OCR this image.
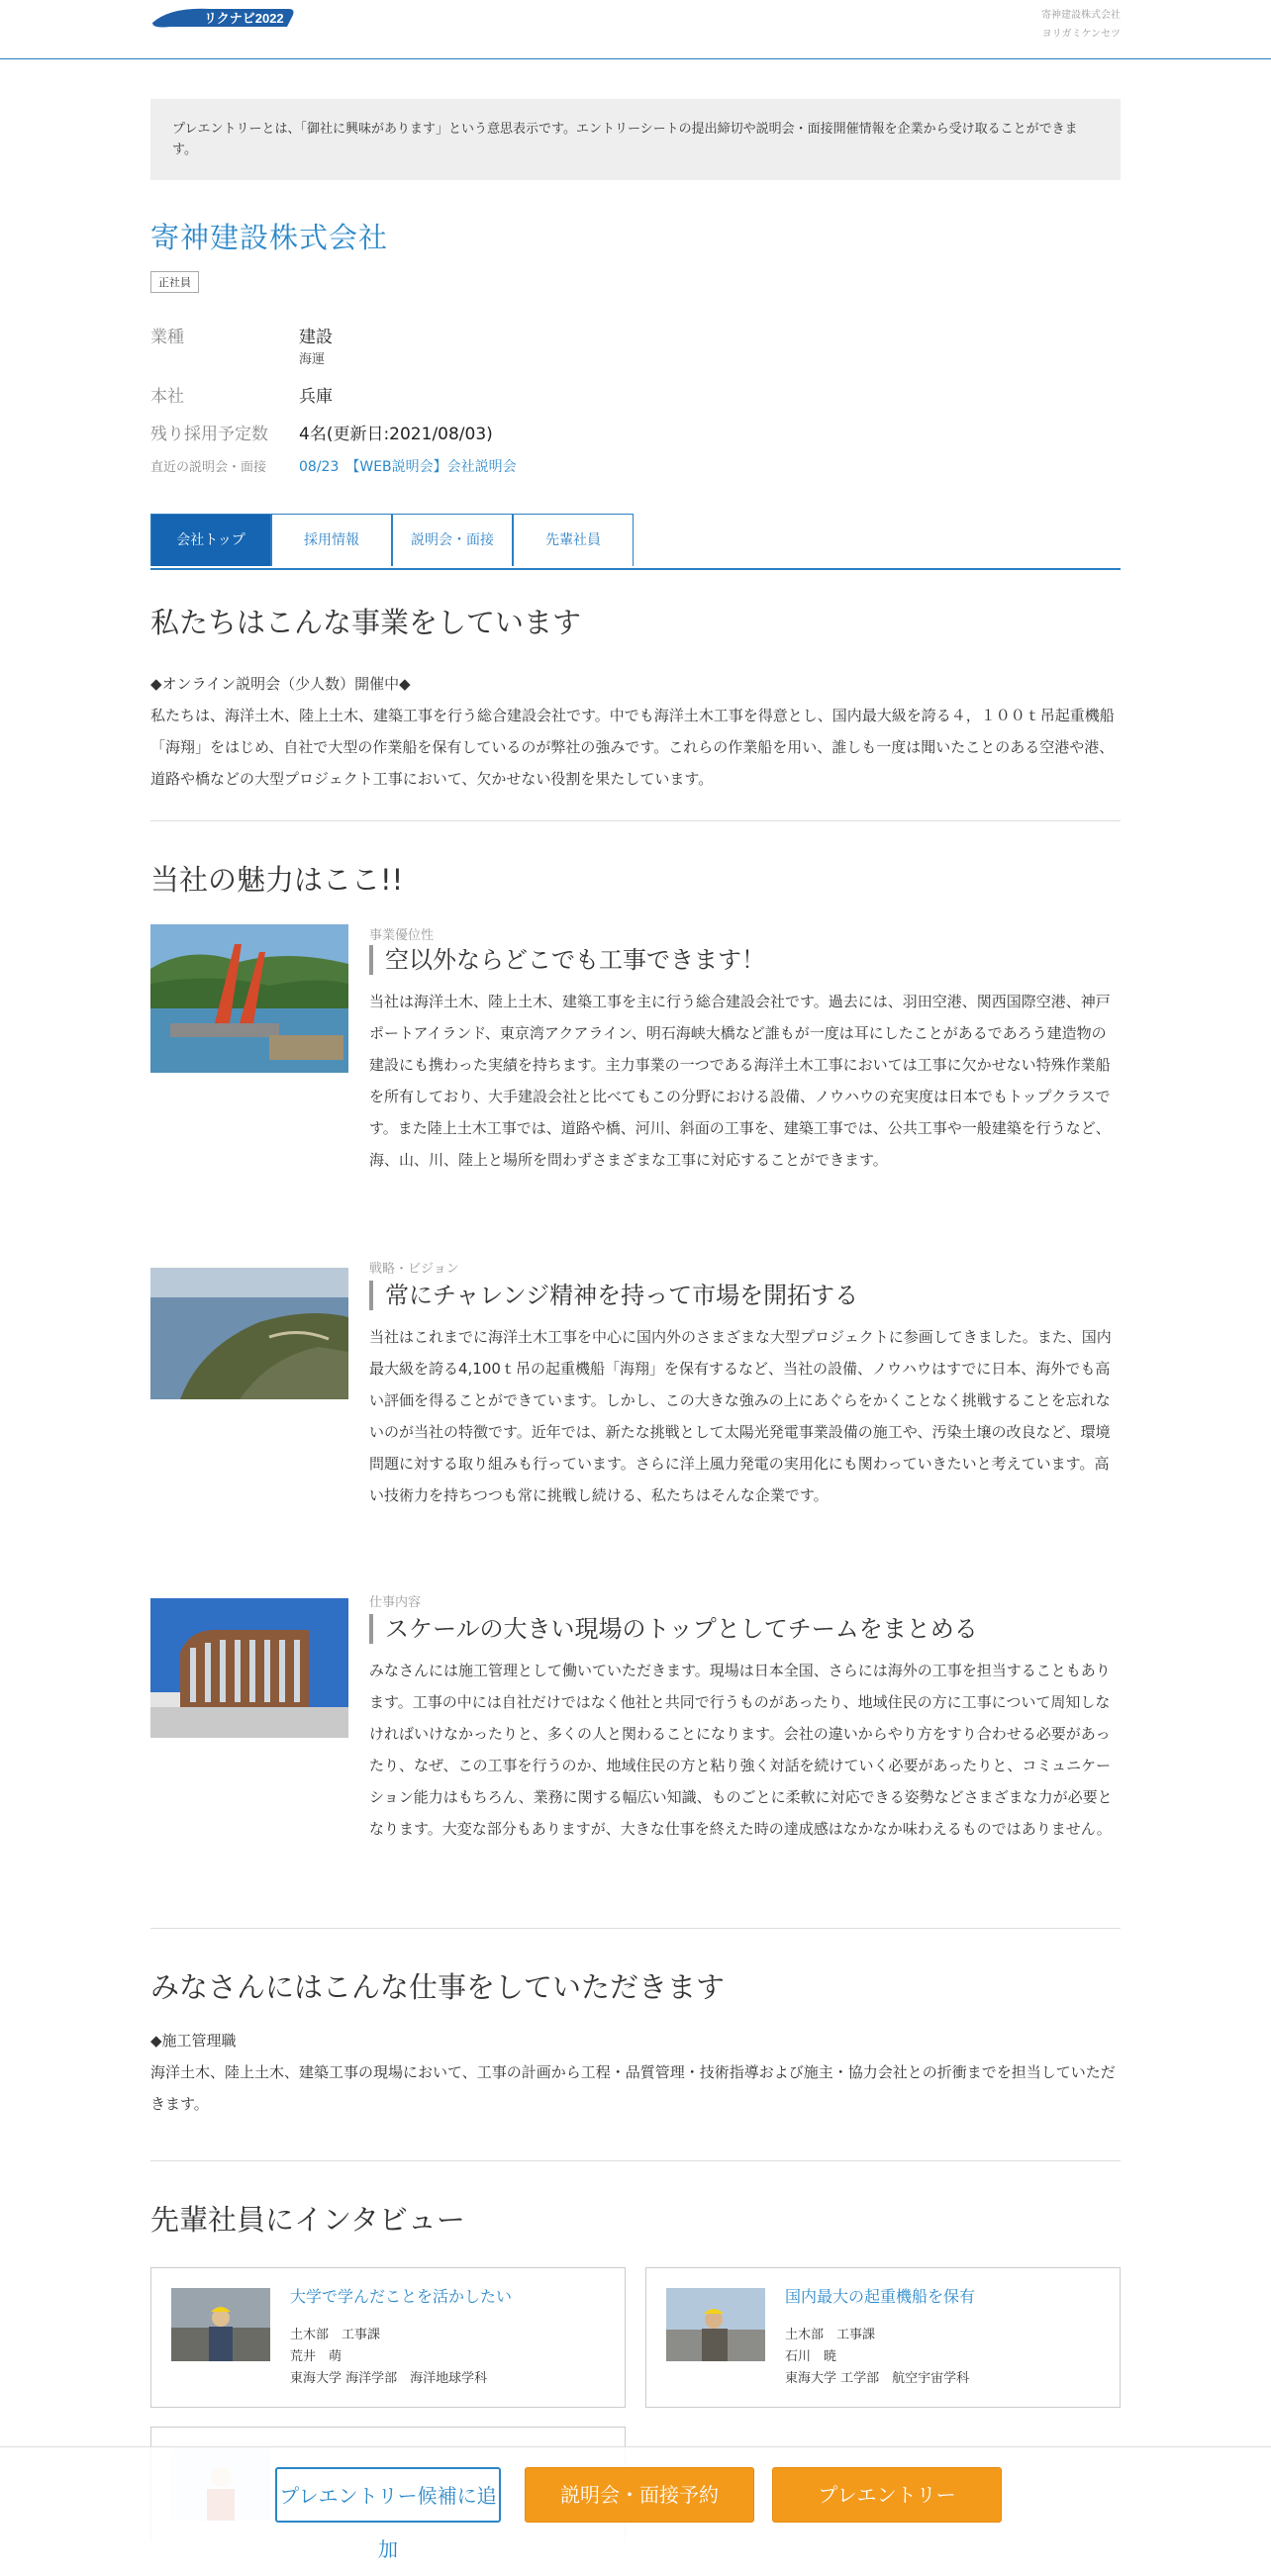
リクナビ2022	寄神建設株式会社
ヨリガミケンセツ
プレエントリーとは、「御社に興味があります」という意思表示です。エントリーシートの提出締切や説明会・面接開催情報を企業から受け取ることができます。
寄神建設株式会社
正社員
業種	建設
海運
本社	兵庫
残り採用予定数	4名(更新日:2021/08/03)
直近の説明会・面接	08/23　【WEB説明会】会社説明会
会社トップ	採用情報	説明会・面接	先輩社員
私たちはこんな事業をしています
◆オンライン説明会（少人数）開催中◆
私たちは、海洋土木、陸上土木、建築工事を行う総合建設会社です。中でも海洋土木工事を得意とし、国内最大級を誇る４，１００ｔ吊起重機船「海翔」をはじめ、自社で大型の作業船を保有しているのが弊社の強みです。これらの作業船を用い、誰しも一度は聞いたことのある空港や港、道路や橋などの大型プロジェクト工事において、欠かせない役割を果たしています。
当社の魅力はここ!!
事業優位性
空以外ならどこでも工事できます！
当社は海洋土木、陸上土木、建築工事を主に行う総合建設会社です。過去には、羽田空港、関西国際空港、神戸ポートアイランド、東京湾アクアライン、明石海峡大橋など誰もが一度は耳にしたことがあるであろう建造物の建設にも携わった実績を持ちます。主力事業の一つである海洋土木工事においては工事に欠かせない特殊作業船を所有しており、大手建設会社と比べてもこの分野における設備、ノウハウの充実度は日本でもトップクラスです。また陸上土木工事では、道路や橋、河川、斜面の工事を、建築工事では、公共工事や一般建築を行うなど、海、山、川、陸上と場所を問わずさまざまな工事に対応することができます。
戦略・ビジョン
常にチャレンジ精神を持って市場を開拓する
当社はこれまでに海洋土木工事を中心に国内外のさまざまな大型プロジェクトに参画してきました。また、国内最大級を誇る4,100ｔ吊の起重機船「海翔」を保有するなど、当社の設備、ノウハウはすでに日本、海外でも高い評価を得ることができています。しかし、この大きな強みの上にあぐらをかくことなく挑戦することを忘れないのが当社の特徴です。近年では、新たな挑戦として太陽光発電事業設備の施工や、汚染土壌の改良など、環境問題に対する取り組みも行っています。さらに洋上風力発電の実用化にも関わっていきたいと考えています。高い技術力を持ちつつも常に挑戦し続ける、私たちはそんな企業です。
仕事内容
スケールの大きい現場のトップとしてチームをまとめる
みなさんには施工管理として働いていただきます。現場は日本全国、さらには海外の工事を担当することもあります。工事の中には自社だけではなく他社と共同で行うものがあったり、地域住民の方に工事について周知しなければいけなかったりと、多くの人と関わることになります。会社の違いからやり方をすり合わせる必要があったり、なぜ、この工事を行うのか、地域住民の方と粘り強く対話を続けていく必要があったりと、コミュニケーション能力はもちろん、業務に関する幅広い知識、ものごとに柔軟に対応できる姿勢などさまざまな力が必要となります。大変な部分もありますが、大きな仕事を終えた時の達成感はなかなか味わえるものではありません。
みなさんにはこんな仕事をしていただきます
◆施工管理職
海洋土木、陸上土木、建築工事の現場において、工事の計画から工程・品質管理・技術指導および施主・協力会社との折衝までを担当していただきます。
先輩社員にインタビュー
大学で学んだことを活かしたい
土木部　工事課
荒井　萌
東海大学 海洋学部　海洋地球学科
国内最大の起重機船を保有
土木部　工事課
石川　暁
東海大学 工学部　航空宇宙学科
プレエントリー候補に追加
説明会・面接予約	プレエントリー
